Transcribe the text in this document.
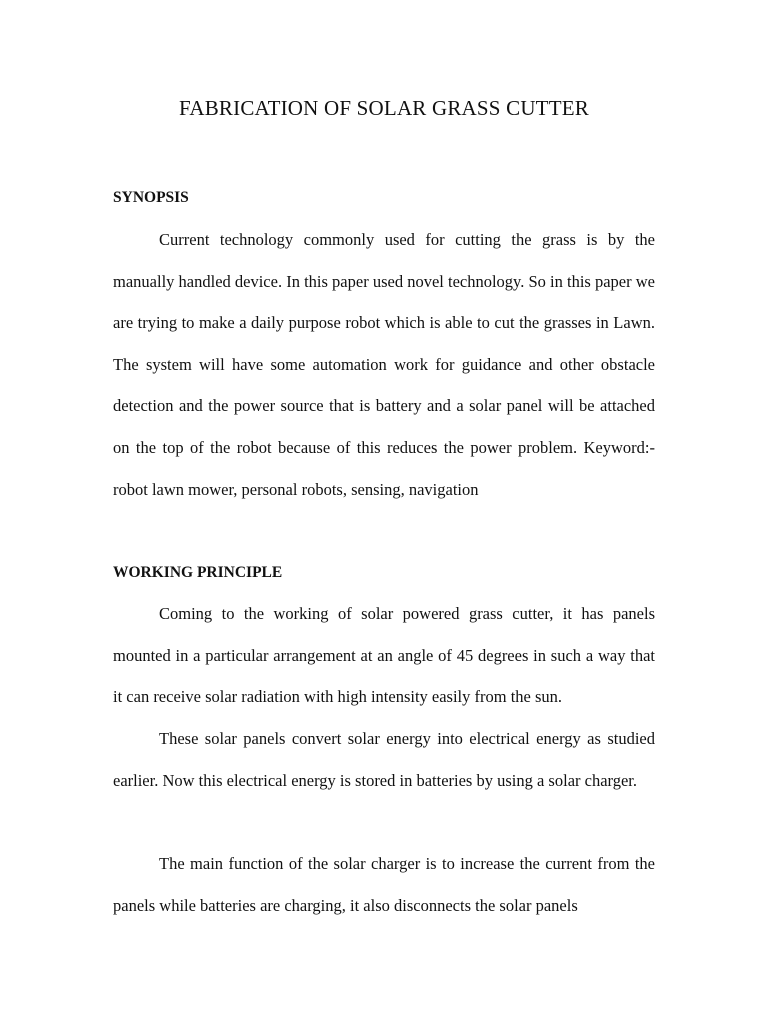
FABRICATION OF SOLAR GRASS CUTTER
SYNOPSIS

Current technology commonly used for cutting the grass is by the manually handled device. In this paper used novel technology. So in this paper we are trying to make a daily purpose robot which is able to cut the grasses in Lawn. The system will have some automation work for guidance and other obstacle detection and the power source that is battery and a solar panel will be attached on the top of the robot because of this reduces the power problem. Keyword:- robot lawn mower, personal robots, sensing, navigation

WORKING PRINCIPLE

Coming to the working of solar powered grass cutter, it has panels mounted in a particular arrangement at an angle of 45 degrees in such a way that it can receive solar radiation with high intensity easily from the sun.

These solar panels convert solar energy into electrical energy as studied earlier. Now this electrical energy is stored in batteries by using a solar charger.

The main function of the solar charger is to increase the current from the panels while batteries are charging, it also disconnects the solar panels
